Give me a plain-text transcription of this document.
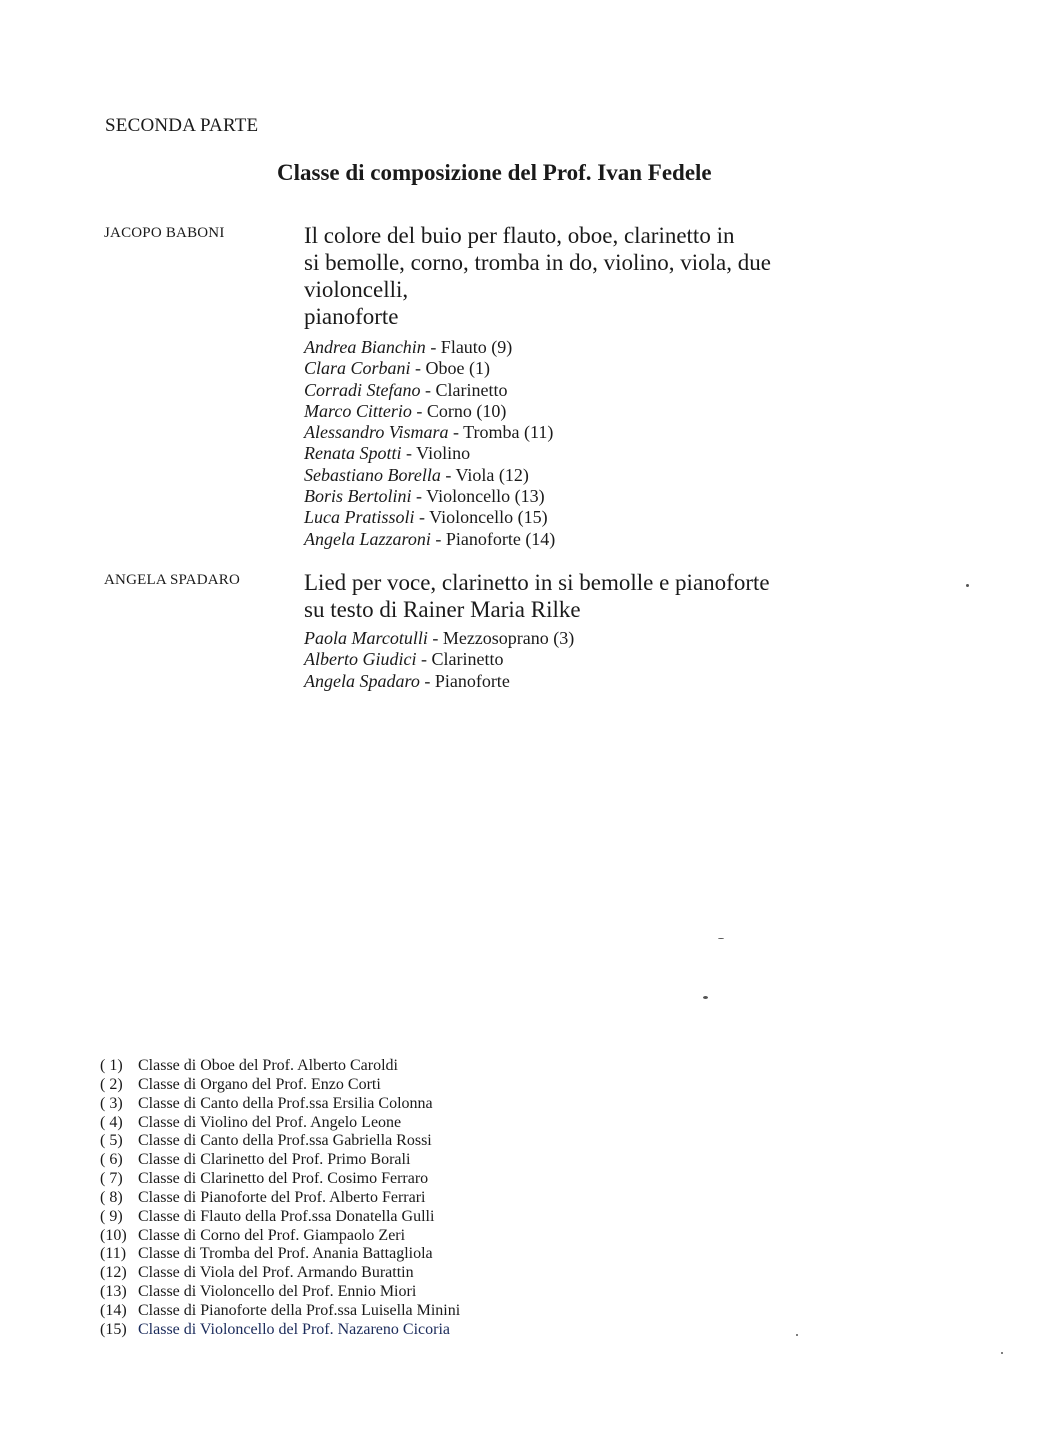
SECONDA PARTE
Classe di composizione del Prof. Ivan Fedele
JACOPO BABONI	Il colore del buio per flauto, oboe, clarinetto in
si bemolle, corno, tromba in do, violino, viola, due
violoncelli,
pianoforte
Andrea Bianchin - Flauto (9)
Clara Corbani - Oboe (1)
Corradi Stefano - Clarinetto
Marco Citterio - Corno (10)
Alessandro Vismara - Tromba (11)
Renata Spotti - Violino
Sebastiano Borella - Viola (12)
Boris Bertolini - Violoncello (13)
Luca Pratissoli - Violoncello (15)
Angela Lazzaroni - Pianoforte (14)
ANGELA SPADARO	Lied per voce, clarinetto in si bemolle e pianoforte
su testo di Rainer Maria Rilke
Paola Marcotulli - Mezzosoprano (3)
Alberto Giudici - Clarinetto
Angela Spadaro - Pianoforte
( 1) Classe di Oboe del Prof. Alberto Caroldi
( 2) Classe di Organo del Prof. Enzo Corti
( 3) Classe di Canto della Prof.ssa Ersilia Colonna
( 4) Classe di Violino del Prof. Angelo Leone
( 5) Classe di Canto della Prof.ssa Gabriella Rossi
( 6) Classe di Clarinetto del Prof. Primo Borali
( 7) Classe di Clarinetto del Prof. Cosimo Ferraro
( 8) Classe di Pianoforte del Prof. Alberto Ferrari
( 9) Classe di Flauto della Prof.ssa Donatella Gulli
(10) Classe di Corno del Prof. Giampaolo Zeri
(11) Classe di Tromba del Prof. Anania Battagliola
(12) Classe di Viola del Prof. Armando Burattin
(13) Classe di Violoncello del Prof. Ennio Miori
(14) Classe di Pianoforte della Prof.ssa Luisella Minini
(15) Classe di Violoncello del Prof. Nazareno Cicoria
